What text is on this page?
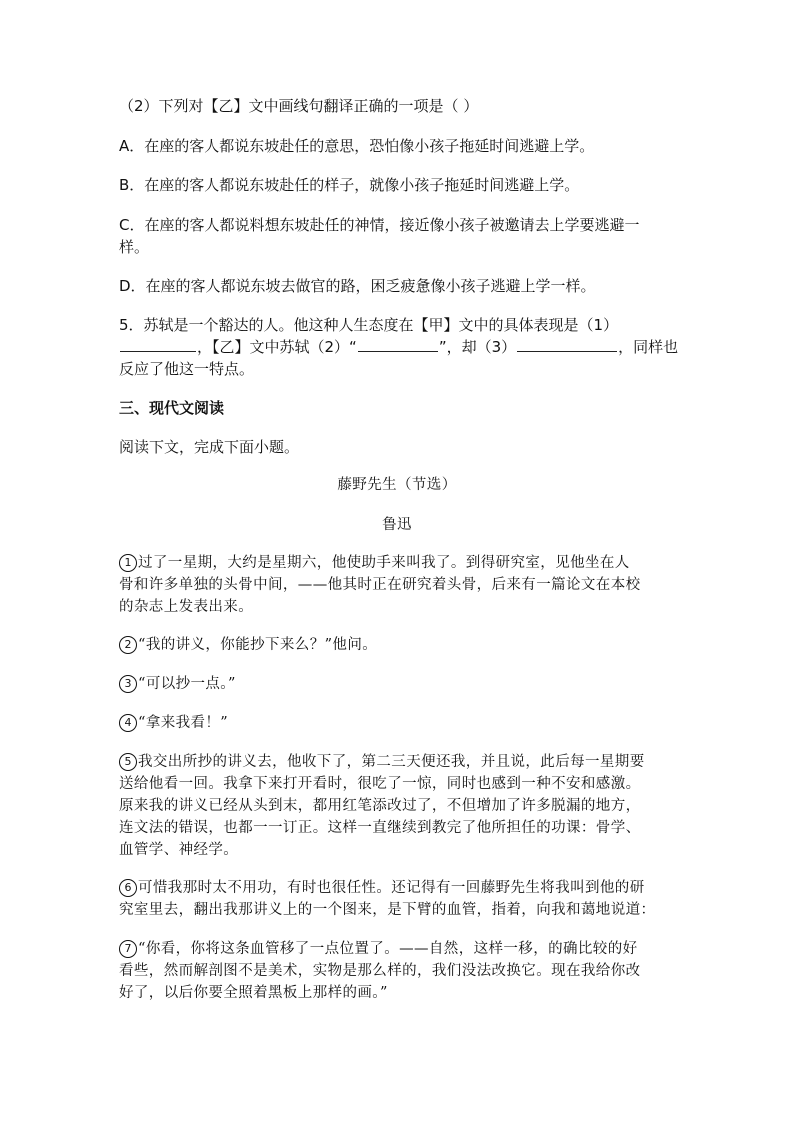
（2）下列对【乙】文中画线句翻译正确的一项是（ ）
A．在座的客人都说东坡赴任的意思，恐怕像小孩子拖延时间逃避上学。
B．在座的客人都说东坡赴任的样子，就像小孩子拖延时间逃避上学。
C．在座的客人都说料想东坡赴任的神情，接近像小孩子被邀请去上学要逃避一
样。
D．在座的客人都说东坡去做官的路，困乏疲惫像小孩子逃避上学一样。
5．苏轼是一个豁达的人。他这种人生态度在【甲】文中的具体表现是（1）
，【乙】文中苏轼（2）“	”，却（3）	，同样也
反应了他这一特点。
三、现代文阅读
阅读下文，完成下面小题。
藤野先生（节选）
鲁迅
1 过了一星期，大约是星期六，他使助手来叫我了。到得研究室，见他坐在人
骨和许多单独的头骨中间，——他其时正在研究着头骨，后来有一篇论文在本校
的杂志上发表出来。
2 “我的讲义，你能抄下来么？”他问。
3 “可以抄一点。”
4 “拿来我看！”
5 我交出所抄的讲义去，他收下了，第二三天便还我，并且说，此后每一星期要
送给他看一回。我拿下来打开看时，很吃了一惊，同时也感到一种不安和感激。
原来我的讲义已经从头到末，都用红笔添改过了，不但增加了许多脱漏的地方，
连文法的错误，也都一一订正。这样一直继续到教完了他所担任的功课：骨学、
血管学、神经学。
6 可惜我那时太不用功，有时也很任性。还记得有一回藤野先生将我叫到他的研
究室里去，翻出我那讲义上的一个图来，是下臂的血管，指着，向我和蔼地说道：
7 “你看，你将这条血管移了一点位置了。——自然，这样一移，的确比较的好
看些，然而解剖图不是美术，实物是那么样的，我们没法改换它。现在我给你改
好了，以后你要全照着黑板上那样的画。”
